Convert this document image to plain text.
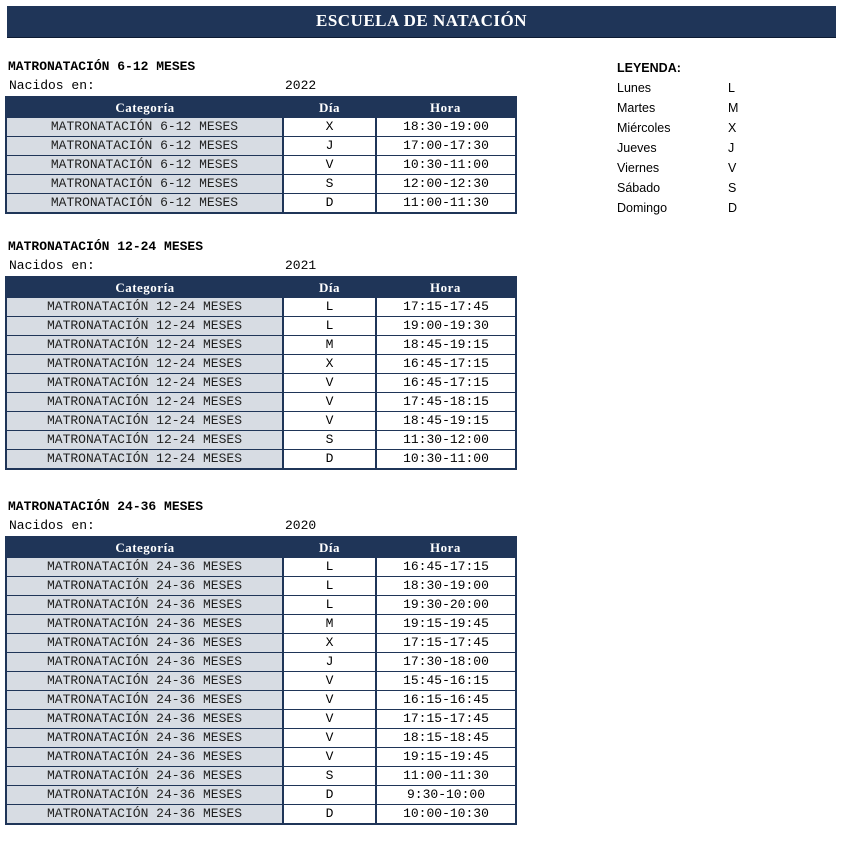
ESCUELA DE NATACIÓN
MATRONATACIÓN 6-12 MESES
Nacidos en:	2022
Categoría	Día	Hora
MATRONATACIÓN 6-12 MESES	X	18:30-19:00
MATRONATACIÓN 6-12 MESES	J	17:00-17:30
MATRONATACIÓN 6-12 MESES	V	10:30-11:00
MATRONATACIÓN 6-12 MESES	S	12:00-12:30
MATRONATACIÓN 6-12 MESES	D	11:00-11:30
MATRONATACIÓN 12-24 MESES
Nacidos en:	2021
Categoría	Día	Hora
MATRONATACIÓN 12-24 MESES	L	17:15-17:45
MATRONATACIÓN 12-24 MESES	L	19:00-19:30
MATRONATACIÓN 12-24 MESES	M	18:45-19:15
MATRONATACIÓN 12-24 MESES	X	16:45-17:15
MATRONATACIÓN 12-24 MESES	V	16:45-17:15
MATRONATACIÓN 12-24 MESES	V	17:45-18:15
MATRONATACIÓN 12-24 MESES	V	18:45-19:15
MATRONATACIÓN 12-24 MESES	S	11:30-12:00
MATRONATACIÓN 12-24 MESES	D	10:30-11:00
MATRONATACIÓN 24-36 MESES
Nacidos en:	2020
Categoría	Día	Hora
MATRONATACIÓN 24-36 MESES	L	16:45-17:15
MATRONATACIÓN 24-36 MESES	L	18:30-19:00
MATRONATACIÓN 24-36 MESES	L	19:30-20:00
MATRONATACIÓN 24-36 MESES	M	19:15-19:45
MATRONATACIÓN 24-36 MESES	X	17:15-17:45
MATRONATACIÓN 24-36 MESES	J	17:30-18:00
MATRONATACIÓN 24-36 MESES	V	15:45-16:15
MATRONATACIÓN 24-36 MESES	V	16:15-16:45
MATRONATACIÓN 24-36 MESES	V	17:15-17:45
MATRONATACIÓN 24-36 MESES	V	18:15-18:45
MATRONATACIÓN 24-36 MESES	V	19:15-19:45
MATRONATACIÓN 24-36 MESES	S	11:00-11:30
MATRONATACIÓN 24-36 MESES	D	9:30-10:00
MATRONATACIÓN 24-36 MESES	D	10:00-10:30
LEYENDA:
Lunes	L
Martes	M
Miércoles	X
Jueves	J
Viernes	V
Sábado	S
Domingo	D
